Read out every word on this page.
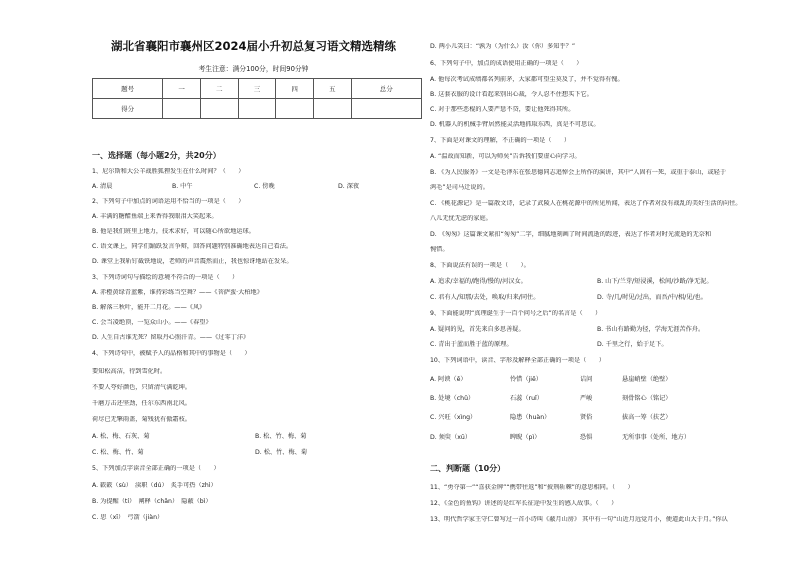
湖北省襄阳市襄州区2024届小升初总复习语文精选精练
考生注意：满分100分，时间90分钟
题号	一	二	三	四	五	总分
得分						
一、选择题（每小题2分，共20分）
1、尼尔斯和大公羊战胜狐狸发生在什么时间？（　　）
A. 清晨	B. 中午	C. 傍晚	D. 深夜
2、下列句子中加点的词语运用不恰当的一项是（　　）
A. 丰满的糖醋鱼端上来香得我眼泪大笑起来。
B. 他是我们班里上地力，技术求好，可以随心所欲地运球。
C. 语文课上，同学们踊跃发言争辩，回答问题特别准确地表达自己看法。
D. 课堂上我斩钉截铁地说，老师的声音震然而止，我也惊讶地站在发呆。
3、下列诗词句与描绘的意境不符合的一项是（　　）
A. 赤橙黄绿青蓝紫，谁持彩练当空舞？——《菩萨蛮·大柏地》
B. 解落三秋叶，能开二月花。——《风》
C. 会当凌绝顶，一览众山小。——《春望》
D. 人生自古谁无死？留取丹心照汗青。——《过零丁洋》
4、下列诗句中，被赋予人的品格和其中的事物是（　　）
要知松高洁，待到雪化时。
不要人夸好颜色，只留清气满乾坤。
千磨万击还坚劲，任尔东西南北风。
荷尽已无擎雨盖，菊残犹有傲霜枝。
A. 松、梅、石灰、菊	B. 松、竹、梅、菊
C. 松、梅、竹、菊	D. 松、竹、梅、菊
5、下列加点字读音全部正确的一项是（　　）
A. 簌簌（sù）　渎职（dú）　炙手可热（zhì）
B. 为提醒（tí）　阐释（chǎn）　隐蔽（bì）
C. 思（xī）　弓箭（jiàn）
D. 两小儿笑曰：“孰为（为什么）汝（你）多知乎？”
6、下列句子中，加点的成语使用正确的一项是（　　）
A. 他每次考试成绩都名列前茅，大家都可望尘莫及了，并不觉得有愧。
B. 这套衣服的设计看起来别出心裁，令人忍不住想买下它。
C. 对于那些恶棍的人要严惩不贷，要让他死得其所。
D. 机器人的机械手臂居然能灵活地抓取东西，真是不可思议。
7、下面是对课文的理解，不正确的一项是（　　）
A. “温故而知新，可以为师矣”告诉我们要虚心向学习。
B. 《为人民服务》一文是毛泽东在张思德同志追悼会上所作的演讲，其中“人固有一死，或重于泰山，或轻于
鸿毛”是司马迁说的。
C. 《桃花源记》是一篇散文诗，记录了武陵人在桃花源中的所见所闻，表达了作者对没有战乱的美好生活的向往。
八儿无忧无虑的家庭。
D. 《匆匆》这篇课文紧扣“匆匆”二字，细腻地刻画了时间流逝的踪迹，表达了作者对时光流逝的无奈和
惋惜。
8、下面说法有误的一项是（　　）。
A. 追求/幸福的/跑得/慢的/河汉女。	B. 山下/兰芽/短浸溪，松间/沙路/净无泥。
C. 君有人/知那/去处，唤取/归来/同住。	D. 寺/几/时见/过出，而吾/中/相/见/也。
9、下面能说明“真理诞生于一百个问号之后”的名言是（　　）
A. 疑问的见，首先来自多思善疑。	B. 书山有路勤为径，学海无涯苦作舟。
C. 青出于蓝而胜于蓝的原理。	D. 千里之行，始于足下。
10、下列词语中，读音、字形及解释全部正确的一项是（　　）
A. 阿谀（ē）	怜惜（jiē）	诘问	悬崖峭壁（绝壁）
B. 处境（chǔ）	石蕊（ruǐ）	严峻	刻骨铭心（铭记）
C. 兴旺（xìng）	隐患（huàn）	贤俗	拔高一筹（扶艺）
D. 须臾（xū）	睥睨（pì）	恐惧	无所事事（处所、地方）
二、判断题（10分）
11、“勇夺第一”“喜获金牌”“携带往返”和“披荆斩棘”的意思相同。（　　）
12、《金色的鱼钩》讲述的是红军长征途中发生的感人故事。（　　）
13、明代哲学家王守仁曾写过一首小诗叫《蔽月山房》 其中有一句“山近月远觉月小，便道此山大于月。”你认
